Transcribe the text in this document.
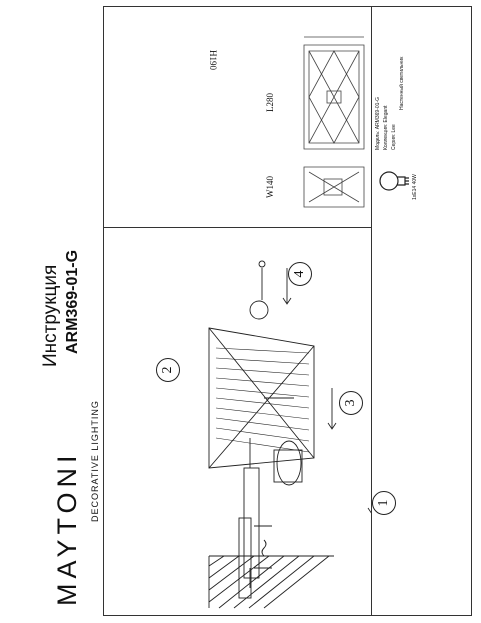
MAYTONI DECORATIVE LIGHTING
Инструкция ARM369-01-G
H190
L280
W140
Модель: ARM369-01-G
Коллекция: Elegant
Серия: Lee
Настенный светильник
1xE14 40W
1
2
3
4
